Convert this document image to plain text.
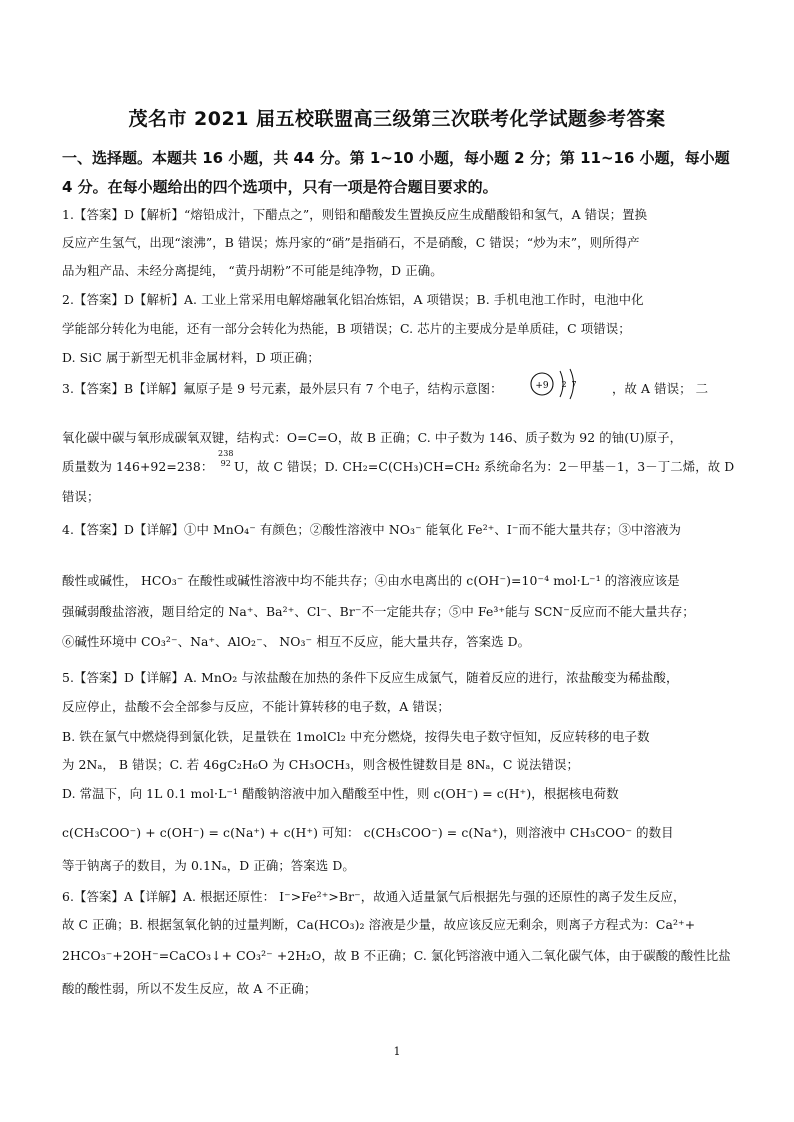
茂名市 2021 届五校联盟高三级第三次联考化学试题参考答案
一、选择题。本题共 16 小题，共 44 分。第 1~10 小题，每小题 2 分；第 11~16 小题，每小题 4 分。在每小题给出的四个选项中，只有一项是符合题目要求的。
1.【答案】D【解析】“熔铅成汁，下醋点之”，则铅和醋酸发生置换反应生成醋酸铅和氢气，A 错误；置换
反应产生氢气，出现“滚沸”，B 错误；炼丹家的“硝”是指硝石，不是硝酸，C 错误；“炒为末”，则所得产
品为粗产品、未经分离提纯， “黄丹胡粉”不可能是纯净物，D 正确。
2.【答案】D【解析】A. 工业上常采用电解熔融氧化铝冶炼铝，A 项错误；B. 手机电池工作时，电池中化
学能部分转化为电能，还有一部分会转化为热能，B 项错误；C. 芯片的主要成分是单质硅，C 项错误；
D. SiC 属于新型无机非金属材料，D 项正确；
3.【答案】B【详解】氟原子是 9 号元素，最外层只有 7 个电子，结构示意图：	+9 2 7	，故 A 错误； 二
氧化碳中碳与氧形成碳氧双键，结构式：O=C=O，故 B 正确；C. 中子数为 146、质子数为 92 的铀(U)原子，
质量数为 146+92=238：
238
92 U，故 C 错误；D. CH₂=C(CH₃)CH=CH₂ 系统命名为：2－甲基－1，3－丁二烯，故 D
错误；
4.【答案】D【详解】①中 MnO₄⁻ 有颜色；②酸性溶液中 NO₃⁻ 能氧化 Fe²⁺、I⁻而不能大量共存；③中溶液为
酸性或碱性， HCO₃⁻ 在酸性或碱性溶液中均不能共存；④由水电离出的 c(OH⁻)=10⁻⁴ mol·L⁻¹ 的溶液应该是
强碱弱酸盐溶液，题目给定的 Na⁺、Ba²⁺、Cl⁻、Br⁻不一定能共存；⑤中 Fe³⁺能与 SCN⁻反应而不能大量共存；
⑥碱性环境中 CO₃²⁻、Na⁺、AlO₂⁻、 NO₃⁻ 相互不反应，能大量共存，答案选 D。
5.【答案】D【详解】A. MnO₂ 与浓盐酸在加热的条件下反应生成氯气，随着反应的进行，浓盐酸变为稀盐酸，
反应停止，盐酸不会全部参与反应，不能计算转移的电子数，A 错误；
B. 铁在氯气中燃烧得到氯化铁，足量铁在 1molCl₂ 中充分燃烧，按得失电子数守恒知，反应转移的电子数
为 2Nₐ， B 错误；C. 若 46gC₂H₆O 为 CH₃OCH₃，则含极性键数目是 8Nₐ，C 说法错误；
D. 常温下，向 1L 0.1 mol·L⁻¹ 醋酸钠溶液中加入醋酸至中性，则 c(OH⁻) = c(H⁺)，根据核电荷数
c(CH₃COO⁻) + c(OH⁻) = c(Na⁺) + c(H⁺) 可知： c(CH₃COO⁻) = c(Na⁺)，则溶液中 CH₃COO⁻ 的数目
等于钠离子的数目，为 0.1Nₐ，D 正确；答案选 D。
6.【答案】A【详解】A. 根据还原性： I⁻>Fe²⁺>Br⁻，故通入适量氯气后根据先与强的还原性的离子发生反应，
故 C 正确；B. 根据氢氧化钠的过量判断，Ca(HCO₃)₂ 溶液是少量，故应该反应无剩余，则离子方程式为：Ca²⁺+
2HCO₃⁻+2OH⁻=CaCO₃↓+ CO₃²⁻ +2H₂O，故 B 不正确；C. 氯化钙溶液中通入二氧化碳气体，由于碳酸的酸性比盐
酸的酸性弱，所以不发生反应，故 A 不正确；
1
